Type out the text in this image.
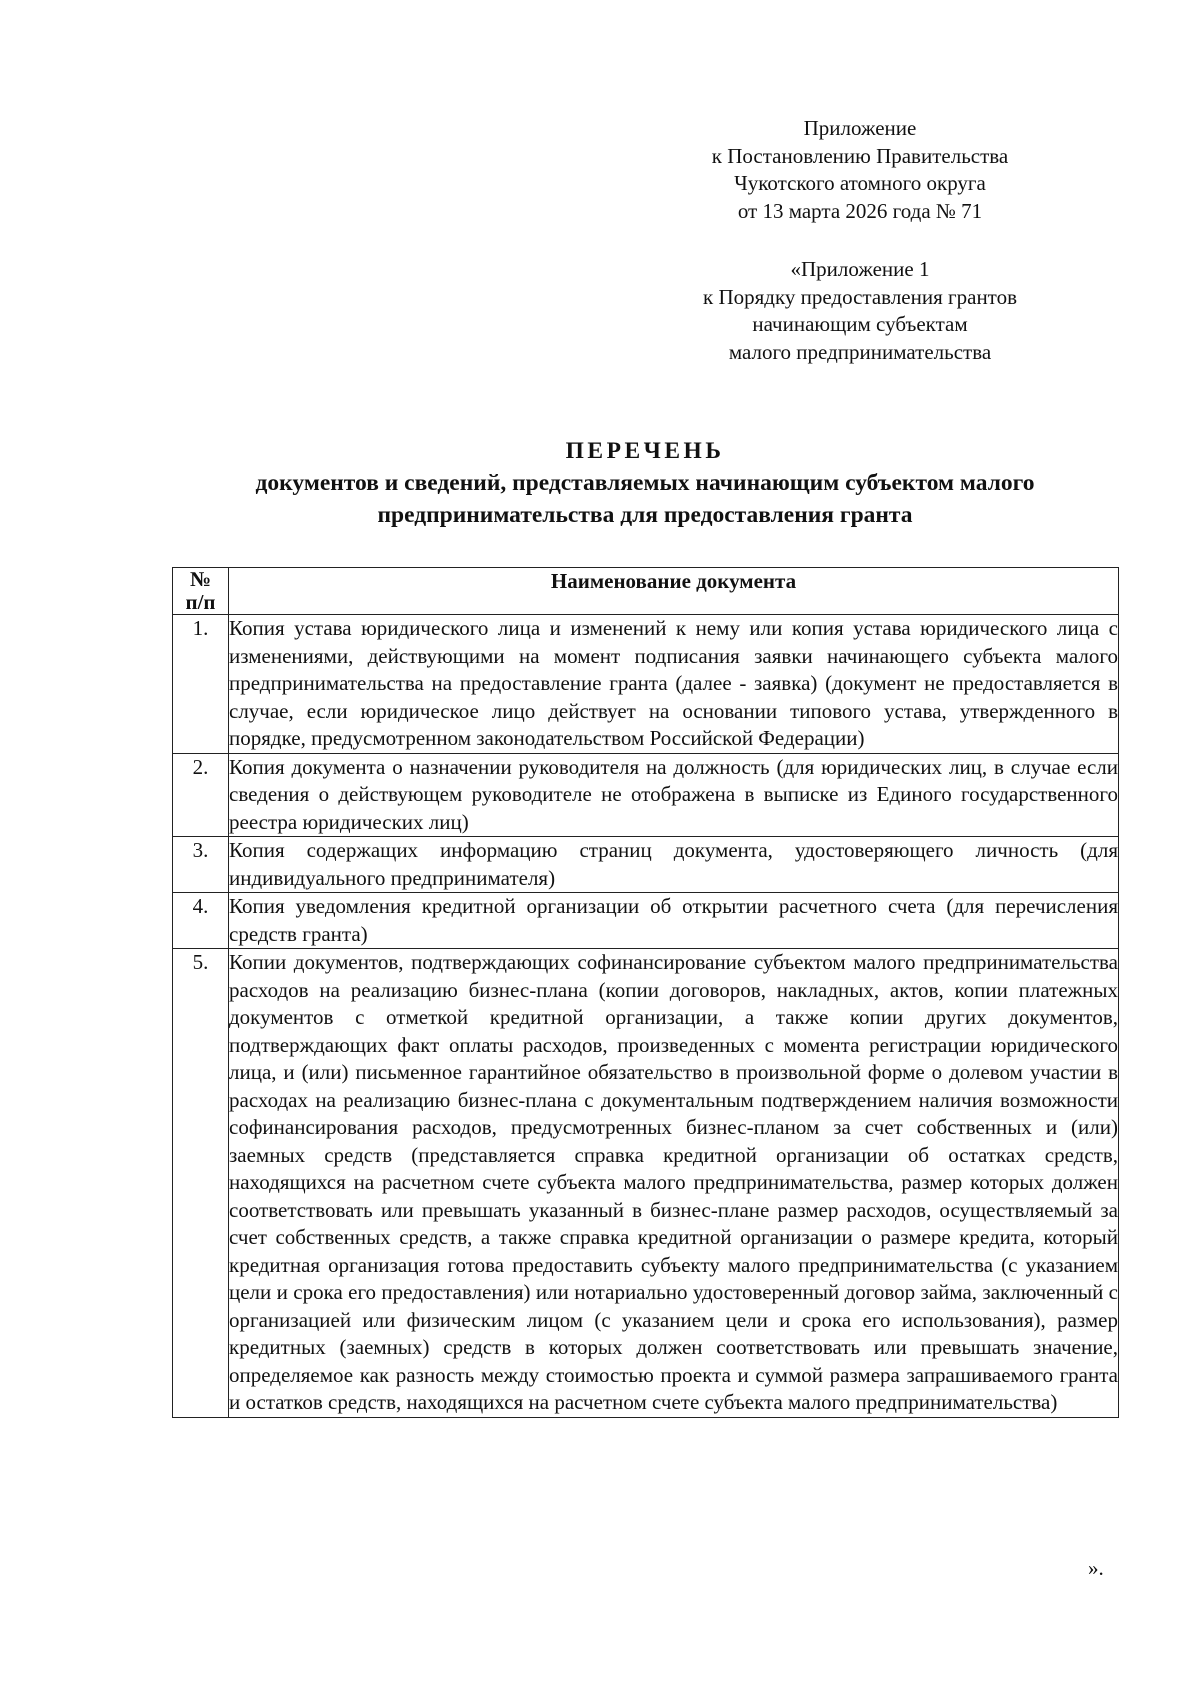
Приложение
к Постановлению Правительства
Чукотского атомного округа
от 13 марта 2026 года № 71
«Приложение 1
к Порядку предоставления грантов
начинающим субъектам
малого предпринимательства
ПЕРЕЧЕНЬ
документов и сведений, представляемых начинающим субъектом малого
предпринимательства для предоставления гранта
№
п/п	Наименование документа
1.	Копия устава юридического лица и изменений к нему или копия устава юридического лица с изменениями, действующими на момент подписания заявки начинающего субъекта малого предпринимательства на предоставление гранта (далее - заявка) (документ не предоставляется в случае, если юридическое лицо действует на основании типового устава, утвержденного в порядке, предусмотренном законодательством Российской Федерации)
2.	Копия документа о назначении руководителя на должность (для юридических лиц, в случае если сведения о действующем руководителе не отображена в выписке из Единого государственного реестра юридических лиц)
3.	Копия содержащих информацию страниц документа, удостоверяющего личность (для индивидуального предпринимателя)
4.	Копия уведомления кредитной организации об открытии расчетного счета (для перечисления средств гранта)
5.	Копии документов, подтверждающих софинансирование субъектом малого предпринимательства расходов на реализацию бизнес-плана (копии договоров, накладных, актов, копии платежных документов с отметкой кредитной организации, а также копии других документов, подтверждающих факт оплаты расходов, произведенных с момента регистрации юридического лица, и (или) письменное гарантийное обязательство в произвольной форме о долевом участии в расходах на реализацию бизнес-плана с документальным подтверждением наличия возможности софинансирования расходов, предусмотренных бизнес-планом за счет собственных и (или) заемных средств (представляется справка кредитной организации об остатках средств, находящихся на расчетном счете субъекта малого предпринимательства, размер которых должен соответствовать или превышать указанный в бизнес-плане размер расходов, осуществляемый за счет собственных средств, а также справка кредитной организации о размере кредита, который кредитная организация готова предоставить субъекту малого предпринимательства (с указанием цели и срока его предоставления) или нотариально удостоверенный договор займа, заключенный с организацией или физическим лицом (с указанием цели и срока его использования), размер кредитных (заемных) средств в которых должен соответствовать или превышать значение, определяемое как разность между стоимостью проекта и суммой размера запрашиваемого гранта и остатков средств, находящихся на расчетном счете субъекта малого предпринимательства)
».
